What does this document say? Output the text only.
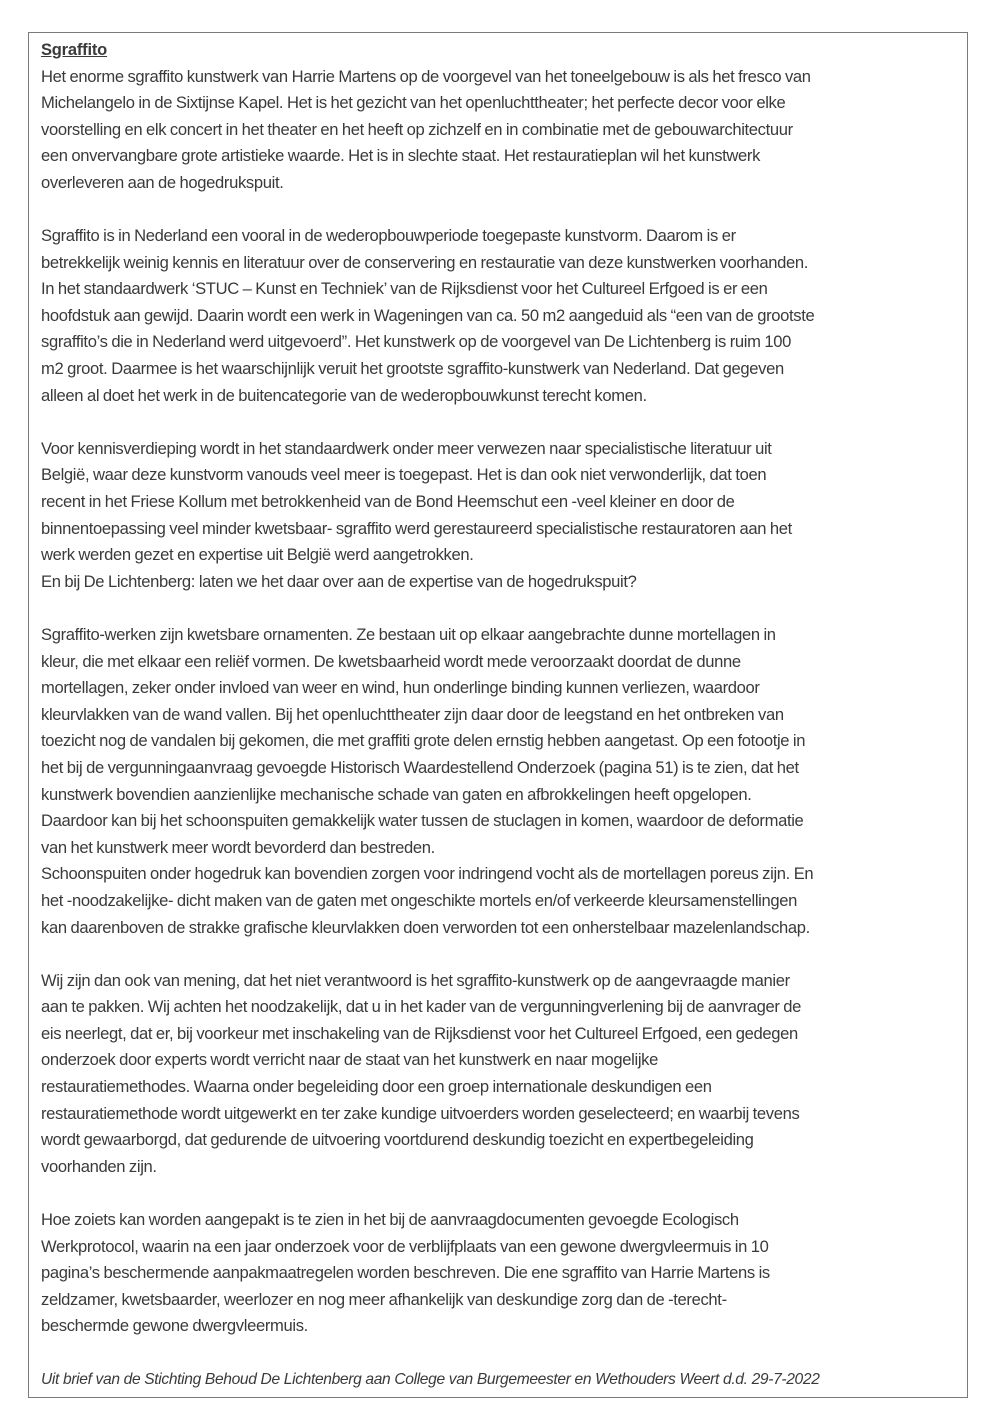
Sgraffito

Het enorme sgraffito kunstwerk van Harrie Martens op de voorgevel van het toneelgebouw is als het fresco van
Michelangelo in de Sixtijnse Kapel. Het is het gezicht van het openluchttheater; het perfecte decor voor elke
voorstelling en elk concert in het theater en het heeft op zichzelf en in combinatie met de gebouwarchitectuur
een onvervangbare grote artistieke waarde. Het is in slechte staat. Het restauratieplan wil het kunstwerk
overleveren aan de hogedrukspuit.

Sgraffito is in Nederland een vooral in de wederopbouwperiode toegepaste kunstvorm. Daarom is er
betrekkelijk weinig kennis en literatuur over de conservering en restauratie van deze kunstwerken voorhanden.
In het standaardwerk ‘STUC – Kunst en Techniek’ van de Rijksdienst voor het Cultureel Erfgoed is er een
hoofdstuk aan gewijd. Daarin wordt een werk in Wageningen van ca. 50 m2 aangeduid als “een van de grootste
sgraffito’s die in Nederland werd uitgevoerd”. Het kunstwerk op de voorgevel van De Lichtenberg is ruim 100
m2 groot. Daarmee is het waarschijnlijk veruit het grootste sgraffito-kunstwerk van Nederland. Dat gegeven
alleen al doet het werk in de buitencategorie van de wederopbouwkunst terecht komen.

Voor kennisverdieping wordt in het standaardwerk onder meer verwezen naar specialistische literatuur uit
België, waar deze kunstvorm vanouds veel meer is toegepast. Het is dan ook niet verwonderlijk, dat toen
recent in het Friese Kollum met betrokkenheid van de Bond Heemschut een -veel kleiner en door de
binnentoepassing veel minder kwetsbaar- sgraffito werd gerestaureerd specialistische restauratoren aan het
werk werden gezet en expertise uit België werd aangetrokken.
En bij De Lichtenberg: laten we het daar over aan de expertise van de hogedrukspuit?

Sgraffito-werken zijn kwetsbare ornamenten. Ze bestaan uit op elkaar aangebrachte dunne mortellagen in
kleur, die met elkaar een reliëf vormen. De kwetsbaarheid wordt mede veroorzaakt doordat de dunne
mortellagen, zeker onder invloed van weer en wind, hun onderlinge binding kunnen verliezen, waardoor
kleurvlakken van de wand vallen. Bij het openluchttheater zijn daar door de leegstand en het ontbreken van
toezicht nog de vandalen bij gekomen, die met graffiti grote delen ernstig hebben aangetast. Op een fotootje in
het bij de vergunningaanvraag gevoegde Historisch Waardestellend Onderzoek (pagina 51) is te zien, dat het
kunstwerk bovendien aanzienlijke mechanische schade van gaten en afbrokkelingen heeft opgelopen.
Daardoor kan bij het schoonspuiten gemakkelijk water tussen de stuclagen in komen, waardoor de deformatie
van het kunstwerk meer wordt bevorderd dan bestreden.
Schoonspuiten onder hogedruk kan bovendien zorgen voor indringend vocht als de mortellagen poreus zijn. En
het -noodzakelijke- dicht maken van de gaten met ongeschikte mortels en/of verkeerde kleursamenstellingen
kan daarenboven de strakke grafische kleurvlakken doen verworden tot een onherstelbaar mazelenlandschap.

Wij zijn dan ook van mening, dat het niet verantwoord is het sgraffito-kunstwerk op de aangevraagde manier
aan te pakken. Wij achten het noodzakelijk, dat u in het kader van de vergunningverlening bij de aanvrager de
eis neerlegt, dat er, bij voorkeur met inschakeling van de Rijksdienst voor het Cultureel Erfgoed, een gedegen
onderzoek door experts wordt verricht naar de staat van het kunstwerk en naar mogelijke
restauratiemethodes. Waarna onder begeleiding door een groep internationale deskundigen een
restauratiemethode wordt uitgewerkt en ter zake kundige uitvoerders worden geselecteerd; en waarbij tevens
wordt gewaarborgd, dat gedurende de uitvoering voortdurend deskundig toezicht en expertbegeleiding
voorhanden zijn.

Hoe zoiets kan worden aangepakt is te zien in het bij de aanvraagdocumenten gevoegde Ecologisch
Werkprotocol, waarin na een jaar onderzoek voor de verblijfplaats van een gewone dwergvleermuis in 10
pagina’s beschermende aanpakmaatregelen worden beschreven. Die ene sgraffito van Harrie Martens is
zeldzamer, kwetsbaarder, weerlozer en nog meer afhankelijk van deskundige zorg dan de -terecht-
beschermde gewone dwergvleermuis.

Uit brief van de Stichting Behoud De Lichtenberg aan College van Burgemeester en Wethouders Weert d.d. 29-7-2022
